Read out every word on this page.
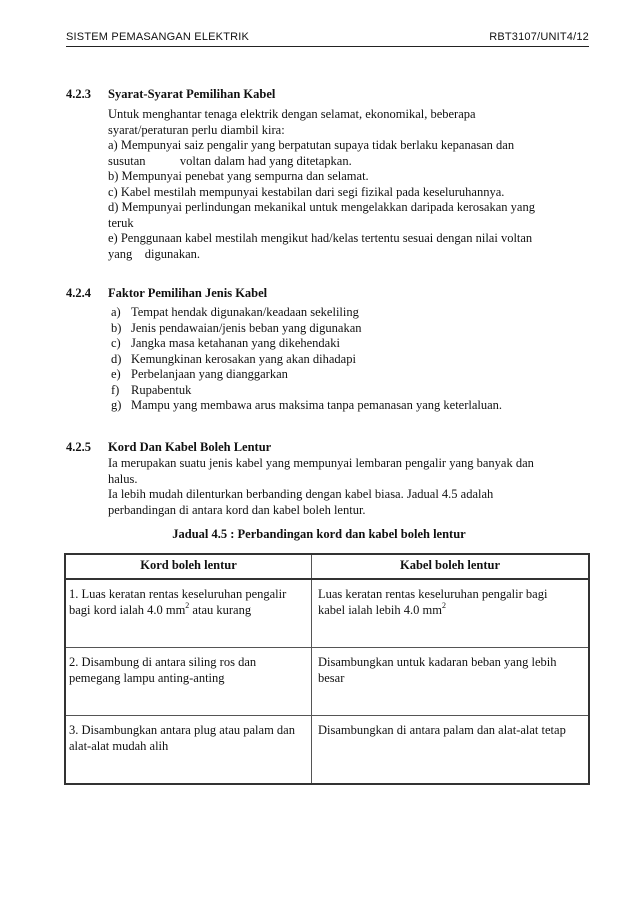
SISTEM PEMASANGAN ELEKTRIK	RBT3107/UNIT4/12
4.2.3 Syarat-Syarat Pemilihan Kabel

Untuk menghantar tenaga elektrik dengan selamat, ekonomikal, beberapa

syarat/peraturan perlu diambil kira:

a) Mempunyai saiz pengalir yang berpatutan supaya tidak berlaku kepanasan dan

susutan           voltan dalam had yang ditetapkan.

b) Mempunyai penebat yang sempurna dan selamat.

c) Kabel mestilah mempunyai kestabilan dari segi fizikal pada keseluruhannya.

d) Mempunyai perlindungan mekanikal untuk mengelakkan daripada kerosakan yang

teruk

e) Penggunaan kabel mestilah mengikut had/kelas tertentu sesuai dengan nilai voltan

yang    digunakan.

4.2.4 Faktor Pemilihan Jenis Kabel
a) Tempat hendak digunakan/keadaan sekeliling
b) Jenis pendawaian/jenis beban yang digunakan
c) Jangka masa ketahanan yang dikehendaki
d) Kemungkinan kerosakan yang akan dihadapi
e) Perbelanjaan yang dianggarkan
f) Rupabentuk
g) Mampu yang membawa arus maksima tanpa pemanasan yang keterlaluan.
4.2.5 Kord Dan Kabel Boleh Lentur

Ia merupakan suatu jenis kabel yang mempunyai lembaran pengalir yang banyak dan

halus.

Ia lebih mudah dilenturkan berbanding dengan kabel biasa. Jadual 4.5 adalah

perbandingan di antara kord dan kabel boleh lentur.

Jadual 4.5 : Perbandingan kord dan kabel boleh lentur
Kord boleh lentur	Kabel boleh lentur
1. Luas keratan rentas keseluruhan pengalir
bagi kord ialah 4.0 $mm^2$ atau kurang	Luas keratan rentas keseluruhan pengalir bagi
kabel ialah lebih 4.0 $mm^2$
2. Disambung di antara siling ros dan pemegang lampu anting-anting	Disambungkan untuk kadaran beban yang lebih besar
3. Disambungkan antara plug atau palam dan alat-alat mudah alih	Disambungkan di antara palam dan alat-alat tetap
